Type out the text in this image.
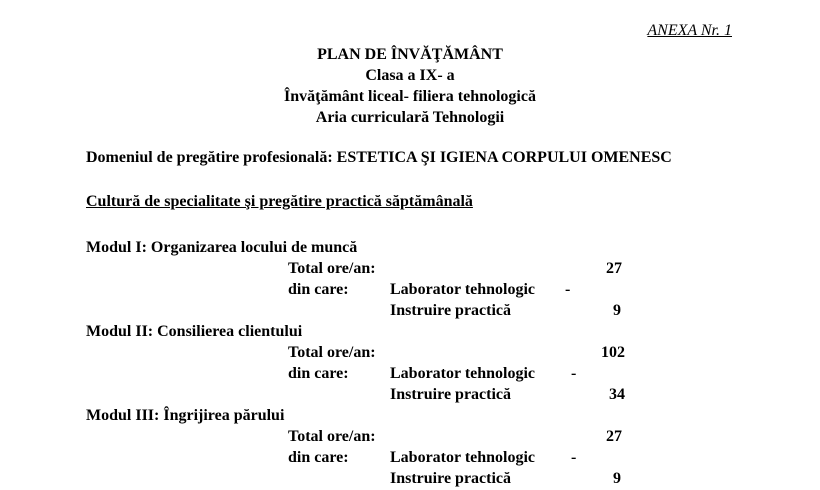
ANEXA Nr. 1
PLAN DE ÎNVĂŢĂMÂNT
Clasa a IX- a
Învăţământ liceal- filiera tehnologică
Aria curriculară Tehnologii
Domeniul de pregătire profesională: ESTETICA ŞI IGIENA CORPULUI OMENESC
Cultură de specialitate şi pregătire practică săptămânală
Modul I: Organizarea locului de muncă
Total ore/an:	27
din care:	Laborator tehnologic -
Instruire practică	9
Modul II: Consilierea clientului
Total ore/an:	102
din care:	Laborator tehnologic -
Instruire practică	34
Modul III: Îngrijirea părului
Total ore/an:	27
din care:	Laborator tehnologic -
Instruire practică	9
